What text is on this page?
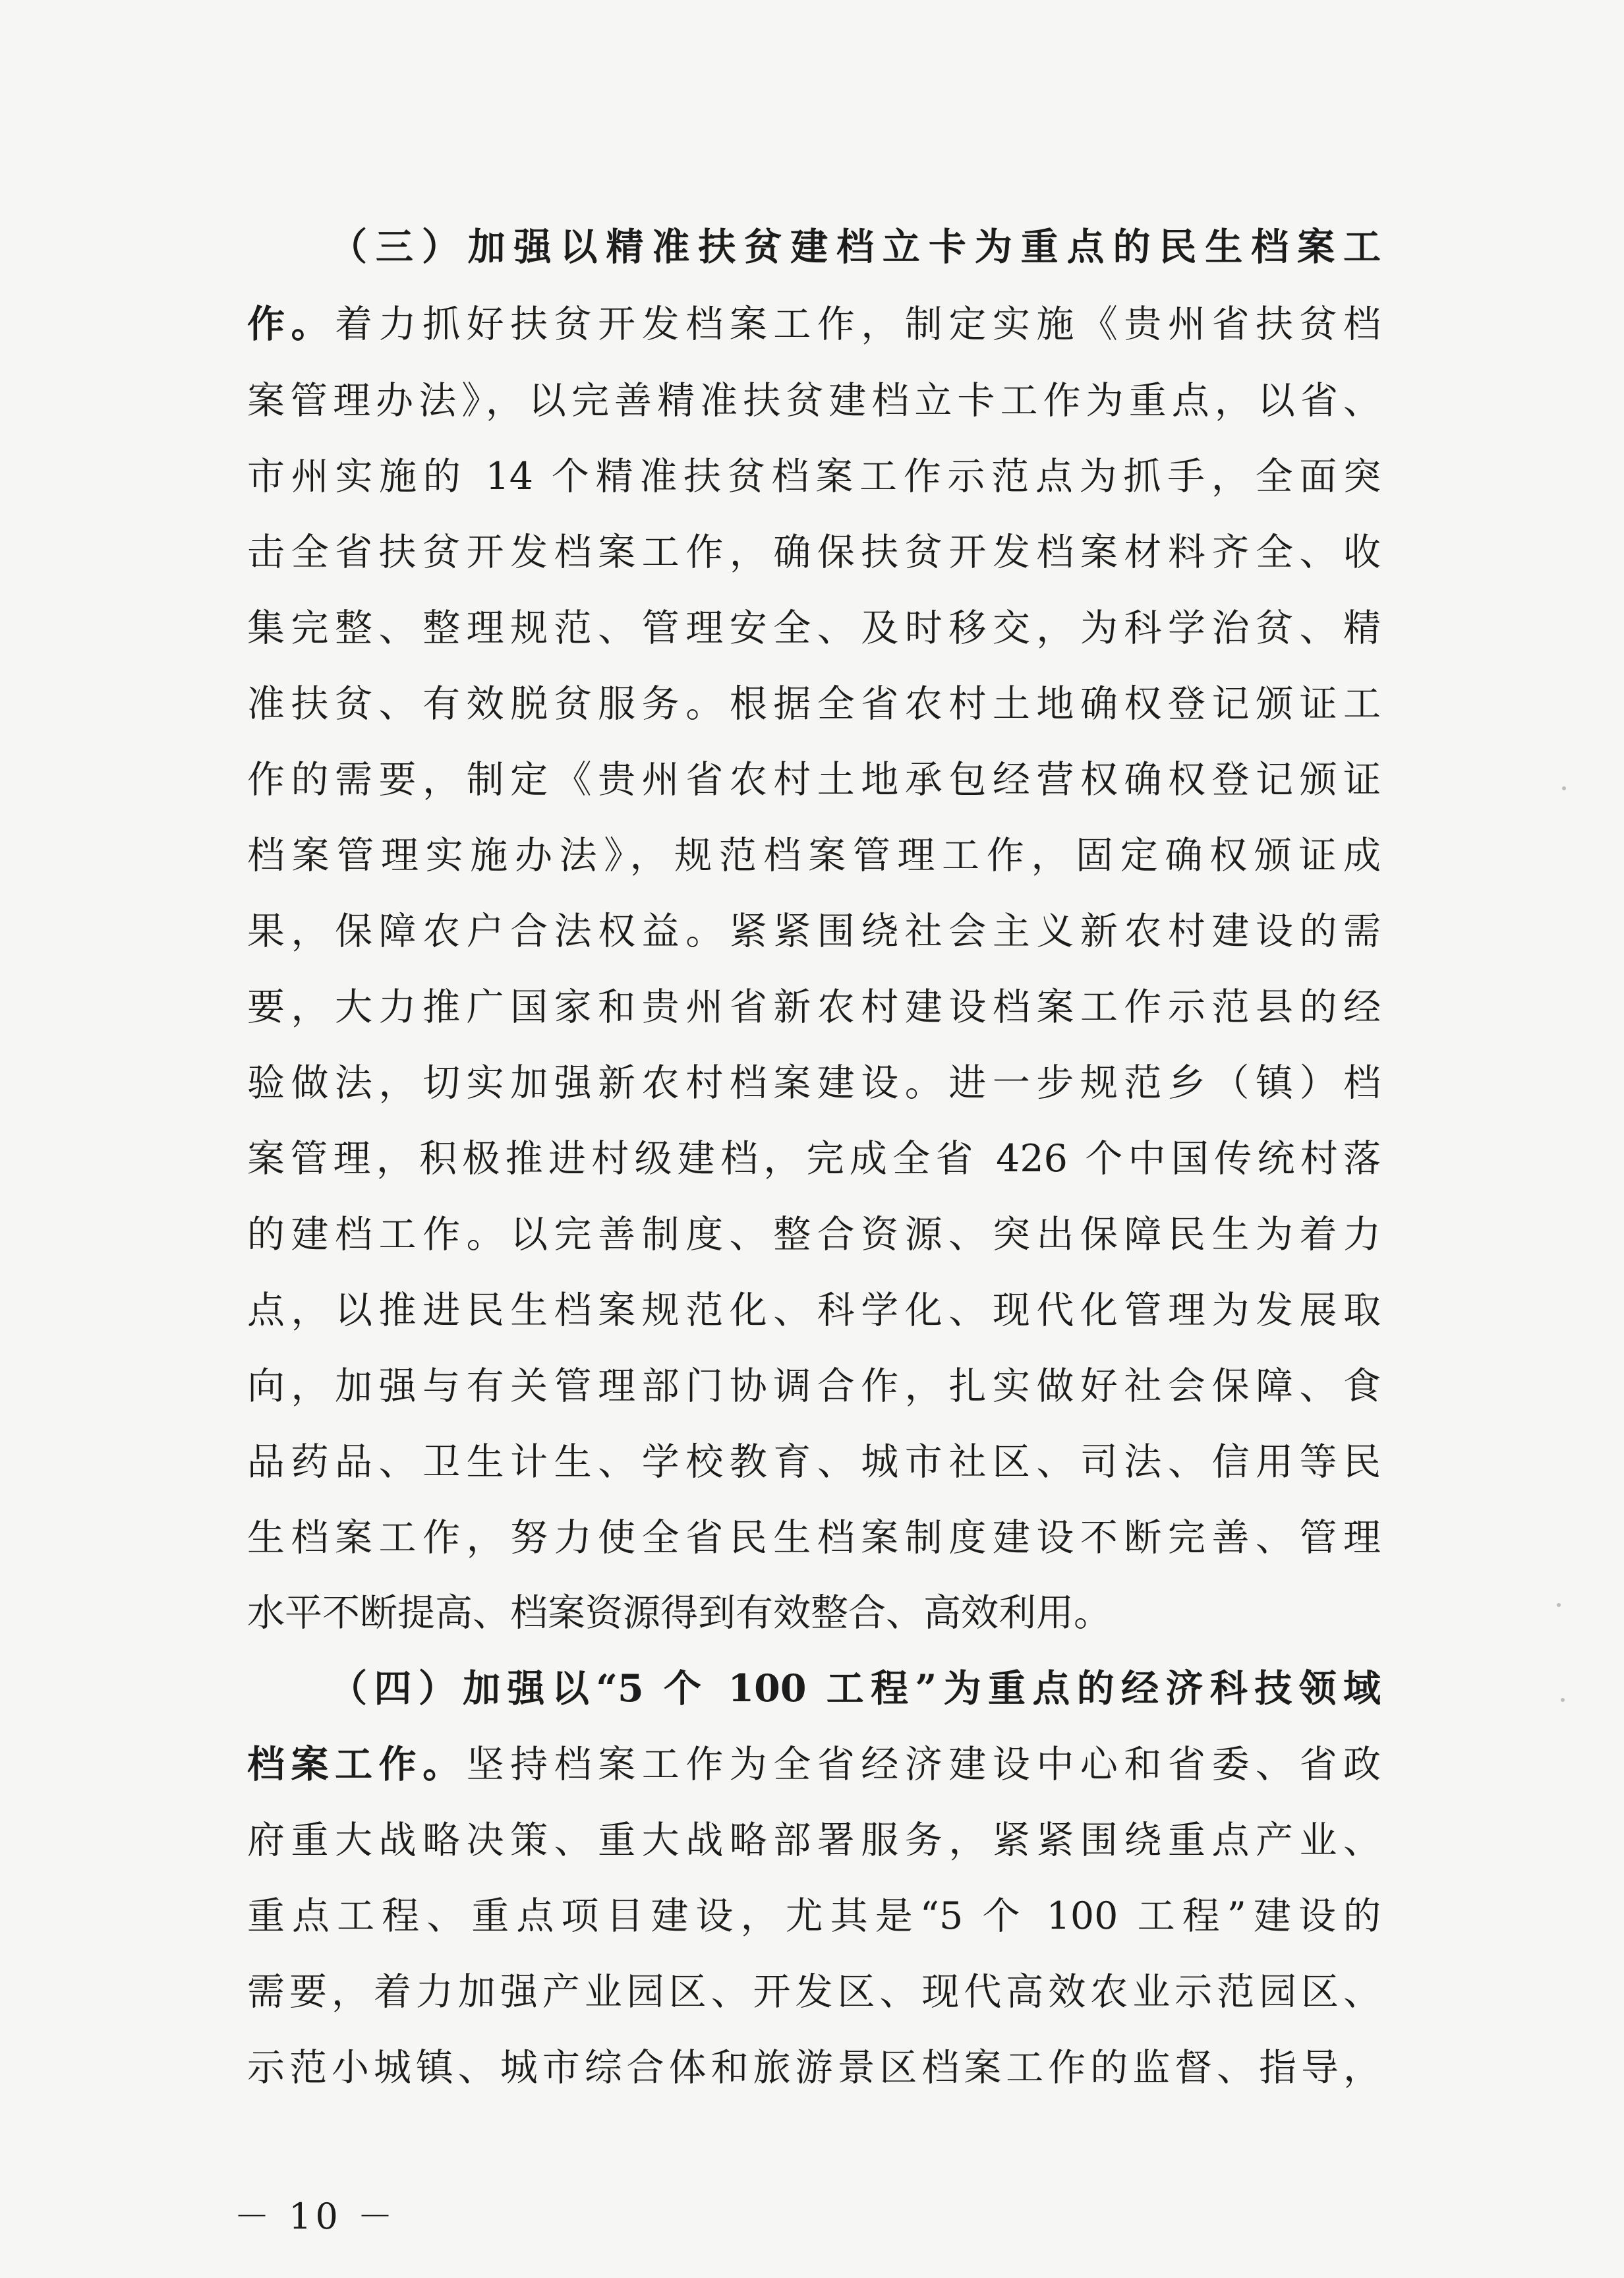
（三）加强以精准扶贫建档立卡为重点的民生档案工
作。着力抓好扶贫开发档案工作，制定实施《贵州省扶贫档
案管理办法》，以完善精准扶贫建档立卡工作为重点，以省、
市州实施的 14 个精准扶贫档案工作示范点为抓手，全面突
击全省扶贫开发档案工作，确保扶贫开发档案材料齐全、收
集完整、整理规范、管理安全、及时移交，为科学治贫、精
准扶贫、有效脱贫服务。根据全省农村土地确权登记颁证工
作的需要，制定《贵州省农村土地承包经营权确权登记颁证
档案管理实施办法》，规范档案管理工作，固定确权颁证成
果，保障农户合法权益。紧紧围绕社会主义新农村建设的需
要，大力推广国家和贵州省新农村建设档案工作示范县的经
验做法，切实加强新农村档案建设。进一步规范乡（镇）档
案管理，积极推进村级建档，完成全省 426 个中国传统村落
的建档工作。以完善制度、整合资源、突出保障民生为着力
点，以推进民生档案规范化、科学化、现代化管理为发展取
向，加强与有关管理部门协调合作，扎实做好社会保障、食
品药品、卫生计生、学校教育、城市社区、司法、信用等民
生档案工作，努力使全省民生档案制度建设不断完善、管理
水平不断提高、档案资源得到有效整合、高效利用。
（四）加强以“5 个 100 工程”为重点的经济科技领域
档案工作。坚持档案工作为全省经济建设中心和省委、省政
府重大战略决策、重大战略部署服务，紧紧围绕重点产业、
重点工程、重点项目建设，尤其是“5 个 100 工程”建设的
需要，着力加强产业园区、开发区、现代高效农业示范园区、
示范小城镇、城市综合体和旅游景区档案工作的监督、指导，
－ 10 －
